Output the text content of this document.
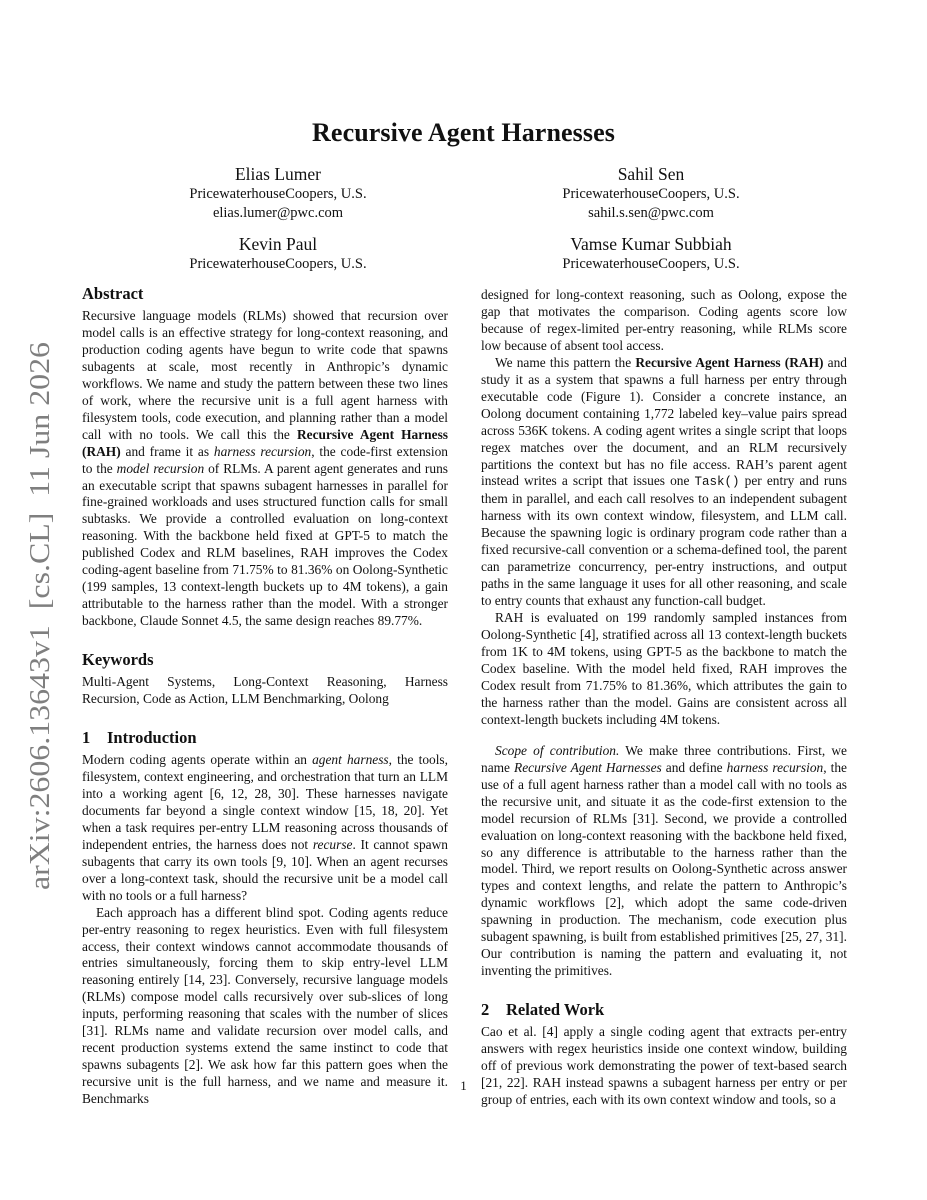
arXiv:2606.13643v1  [cs.CL]  11 Jun 2026
Recursive Agent Harnesses
Elias Lumer
PricewaterhouseCoopers, U.S.
elias.lumer@pwc.com
Sahil Sen
PricewaterhouseCoopers, U.S.
sahil.s.sen@pwc.com
Kevin Paul
PricewaterhouseCoopers, U.S.
Vamse Kumar Subbiah
PricewaterhouseCoopers, U.S.
Abstract

Recursive language models (RLMs) showed that recursion over model calls is an effective strategy for long-context reasoning, and production coding agents have begun to write code that spawns subagents at scale, most recently in Anthropic’s dynamic workflows. We name and study the pattern between these two lines of work, where the recursive unit is a full agent harness with filesystem tools, code execution, and planning rather than a model call with no tools. We call this the Recursive Agent Harness (RAH) and frame it as harness recursion, the code-first extension to the model recursion of RLMs. A parent agent generates and runs an executable script that spawns subagent harnesses in parallel for fine-grained workloads and uses structured function calls for small subtasks. We provide a controlled evaluation on long-context reasoning. With the backbone held fixed at GPT-5 to match the published Codex and RLM baselines, RAH improves the Codex coding-agent baseline from 71.75% to 81.36% on Oolong-Synthetic (199 samples, 13 context-length buckets up to 4M tokens), a gain attributable to the harness rather than the model. With a stronger backbone, Claude Sonnet 4.5, the same design reaches 89.77%.

Keywords

Multi-Agent Systems, Long-Context Reasoning, Harness Recursion, Code as Action, LLM Benchmarking, Oolong

1 Introduction

Modern coding agents operate within an agent harness, the tools, filesystem, context engineering, and orchestration that turn an LLM into a working agent [6, 12, 28, 30]. These harnesses navigate documents far beyond a single context window [15, 18, 20]. Yet when a task requires per-entry LLM reasoning across thousands of independent entries, the harness does not recurse. It cannot spawn subagents that carry its own tools [9, 10]. When an agent recurses over a long-context task, should the recursive unit be a model call with no tools or a full harness?

Each approach has a different blind spot. Coding agents reduce per-entry reasoning to regex heuristics. Even with full filesystem access, their context windows cannot accommodate thousands of entries simultaneously, forcing them to skip entry-level LLM reasoning entirely [14, 23]. Conversely, recursive language models (RLMs) compose model calls recursively over sub-slices of long inputs, performing reasoning that scales with the number of slices [31]. RLMs name and validate recursion over model calls, and recent production systems extend the same instinct to code that spawns subagents [2]. We ask how far this pattern goes when the recursive unit is the full harness, and we name and measure it. Benchmarks

designed for long-context reasoning, such as Oolong, expose the gap that motivates the comparison. Coding agents score low because of regex-limited per-entry reasoning, while RLMs score low because of absent tool access.

We name this pattern the Recursive Agent Harness (RAH) and study it as a system that spawns a full harness per entry through executable code (Figure 1). Consider a concrete instance, an Oolong document containing 1,772 labeled key–value pairs spread across 536K tokens. A coding agent writes a single script that loops regex matches over the document, and an RLM recursively partitions the context but has no file access. RAH’s parent agent instead writes a script that issues one Task() per entry and runs them in parallel, and each call resolves to an independent subagent harness with its own context window, filesystem, and LLM call. Because the spawning logic is ordinary program code rather than a fixed recursive-call convention or a schema-defined tool, the parent can parametrize concurrency, per-entry instructions, and output paths in the same language it uses for all other reasoning, and scale to entry counts that exhaust any function-call budget.

RAH is evaluated on 199 randomly sampled instances from Oolong-Synthetic [4], stratified across all 13 context-length buckets from 1K to 4M tokens, using GPT-5 as the backbone to match the Codex baseline. With the model held fixed, RAH improves the Codex result from 71.75% to 81.36%, which attributes the gain to the harness rather than the model. Gains are consistent across all context-length buckets including 4M tokens.

Scope of contribution. We make three contributions. First, we name Recursive Agent Harnesses and define harness recursion, the use of a full agent harness rather than a model call with no tools as the recursive unit, and situate it as the code-first extension to the model recursion of RLMs [31]. Second, we provide a controlled evaluation on long-context reasoning with the backbone held fixed, so any difference is attributable to the harness rather than the model. Third, we report results on Oolong-Synthetic across answer types and context lengths, and relate the pattern to Anthropic’s dynamic workflows [2], which adopt the same code-driven spawning in production. The mechanism, code execution plus subagent spawning, is built from established primitives [25, 27, 31]. Our contribution is naming the pattern and evaluating it, not inventing the primitives.

2 Related Work

Cao et al. [4] apply a single coding agent that extracts per-entry answers with regex heuristics inside one context window, building off of previous work demonstrating the power of text-based search [21, 22]. RAH instead spawns a subagent harness per entry or per group of entries, each with its own context window and tools, so a

1
